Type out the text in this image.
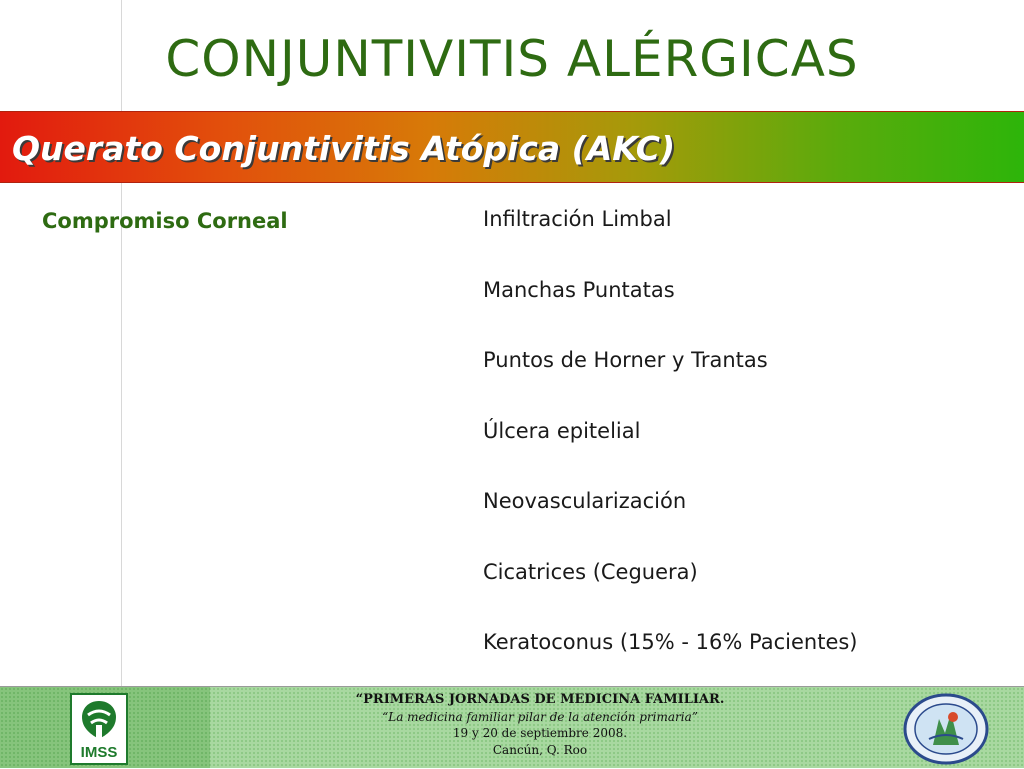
CONJUNTIVITIS ALÉRGICAS
Querato Conjuntivitis Atópica (AKC)
Compromiso Corneal	Infiltración Limbal
Manchas Puntatas
Puntos de Horner y Trantas
Úlcera epitelial
Neovascularización
Cicatrices (Ceguera)
Keratoconus (15% - 16% Pacientes)
IMSS
“PRIMERAS JORNADAS DE MEDICINA FAMILIAR.
“La medicina familiar pilar de la atención primaria”
19 y 20 de septiembre 2008.
Cancún, Q. Roo
